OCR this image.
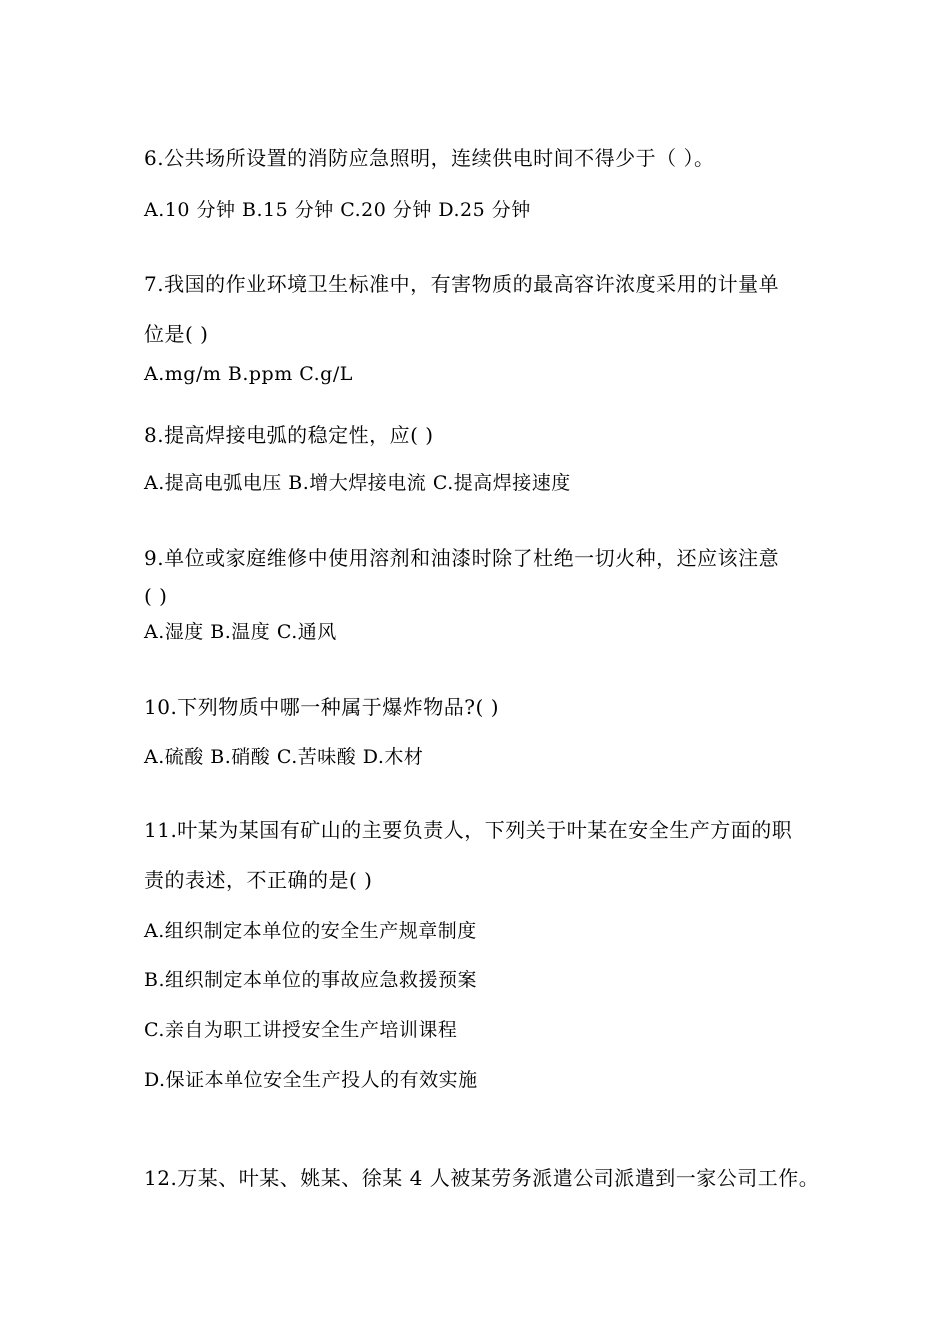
6.公共场所设置的消防应急照明，连续供电时间不得少于（ ）。
A.10 分钟 B.15 分钟 C.20 分钟 D.25 分钟
7.我国的作业环境卫生标准中，有害物质的最高容许浓度采用的计量单
位是( )
A.mg/m B.ppm C.g/L
8.提高焊接电弧的稳定性，应( )
A.提高电弧电压 B.增大焊接电流 C.提高焊接速度
9.单位或家庭维修中使用溶剂和油漆时除了杜绝一切火种，还应该注意
( )
A.湿度 B.温度 C.通风
10.下列物质中哪一种属于爆炸物品?( )
A.硫酸 B.硝酸 C.苦味酸 D.木材
11.叶某为某国有矿山的主要负责人，下列关于叶某在安全生产方面的职
责的表述，不正确的是( )
A.组织制定本单位的安全生产规章制度
B.组织制定本单位的事故应急救援预案
C.亲自为职工讲授安全生产培训课程
D.保证本单位安全生产投人的有效实施
12.万某、叶某、姚某、徐某 4 人被某劳务派遣公司派遣到一家公司工作。
